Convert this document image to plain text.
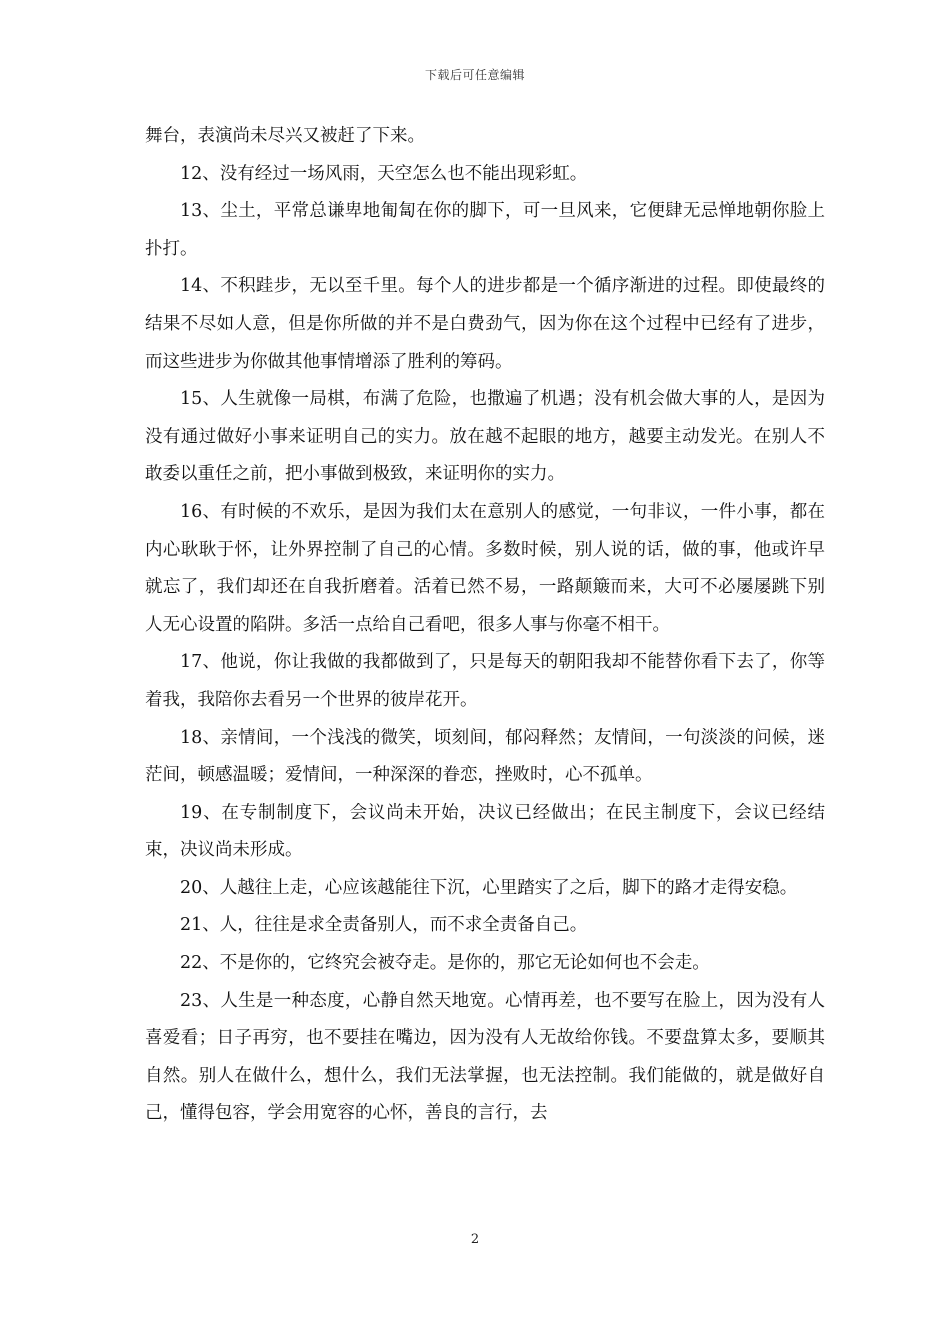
下载后可任意编辑

舞台，表演尚未尽兴又被赶了下来。

12、没有经过一场风雨，天空怎么也不能出现彩虹。

13、尘土，平常总谦卑地匍匐在你的脚下，可一旦风来，它便肆无忌惮地朝你脸上扑打。

14、不积跬步，无以至千里。每个人的进步都是一个循序渐进的过程。即使最终的结果不尽如人意，但是你所做的并不是白费劲气，因为你在这个过程中已经有了进步，而这些进步为你做其他事情增添了胜利的筹码。

15、人生就像一局棋，布满了危险，也撒遍了机遇；没有机会做大事的人，是因为没有通过做好小事来证明自己的实力。放在越不起眼的地方，越要主动发光。在别人不敢委以重任之前，把小事做到极致，来证明你的实力。

16、有时候的不欢乐，是因为我们太在意别人的感觉，一句非议，一件小事，都在内心耿耿于怀，让外界控制了自己的心情。多数时候，别人说的话，做的事，他或许早就忘了，我们却还在自我折磨着。活着已然不易，一路颠簸而来，大可不必屡屡跳下别人无心设置的陷阱。多活一点给自己看吧，很多人事与你毫不相干。

17、他说，你让我做的我都做到了，只是每天的朝阳我却不能替你看下去了，你等着我，我陪你去看另一个世界的彼岸花开。

18、亲情间，一个浅浅的微笑，顷刻间，郁闷释然；友情间，一句淡淡的问候，迷茫间，顿感温暖；爱情间，一种深深的眷恋，挫败时，心不孤单。

19、在专制制度下，会议尚未开始，决议已经做出；在民主制度下，会议已经结束，决议尚未形成。

20、人越往上走，心应该越能往下沉，心里踏实了之后，脚下的路才走得安稳。

21、人，往往是求全责备别人，而不求全责备自己。

22、不是你的，它终究会被夺走。是你的，那它无论如何也不会走。

23、人生是一种态度，心静自然天地宽。心情再差，也不要写在脸上，因为没有人喜爱看；日子再穷，也不要挂在嘴边，因为没有人无故给你钱。不要盘算太多，要顺其自然。别人在做什么，想什么，我们无法掌握，也无法控制。我们能做的，就是做好自己，懂得包容，学会用宽容的心怀，善良的言行，去

2
